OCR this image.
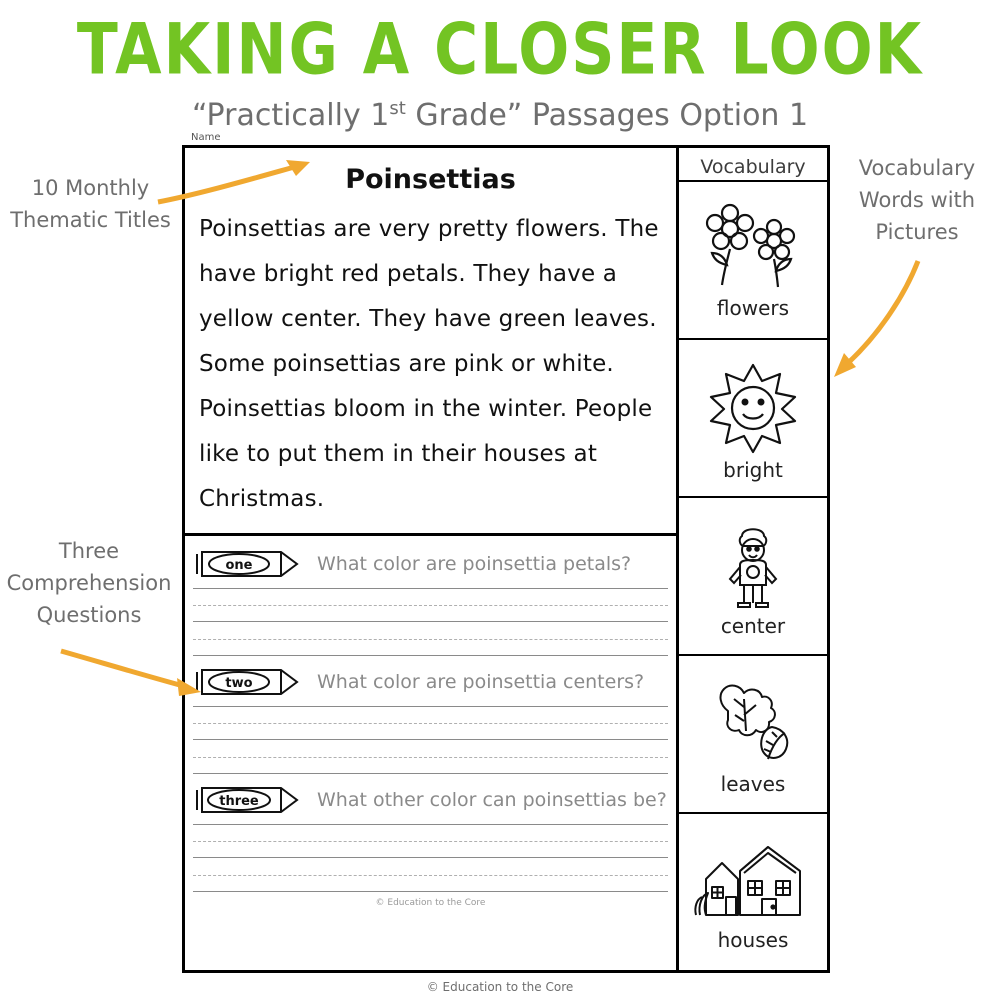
TAKING A CLOSER LOOK
“Practically 1st Grade” Passages Option 1
Name
Poinsettias
Poinsettias are very pretty flowers. The have bright red petals. They have a yellow center. They have green leaves. Some poinsettias are pink or white. Poinsettias bloom in the winter. People like to put them in their houses at Christmas.
one	What color are poinsettia petals?
two	What color are poinsettia centers?
three	What other color can poinsettias be?
© Education to the Core
Vocabulary
flowers
bright
center
leaves
houses
10 Monthly Thematic Titles
Three Comprehension Questions
Vocabulary Words with Pictures
© Education to the Core
